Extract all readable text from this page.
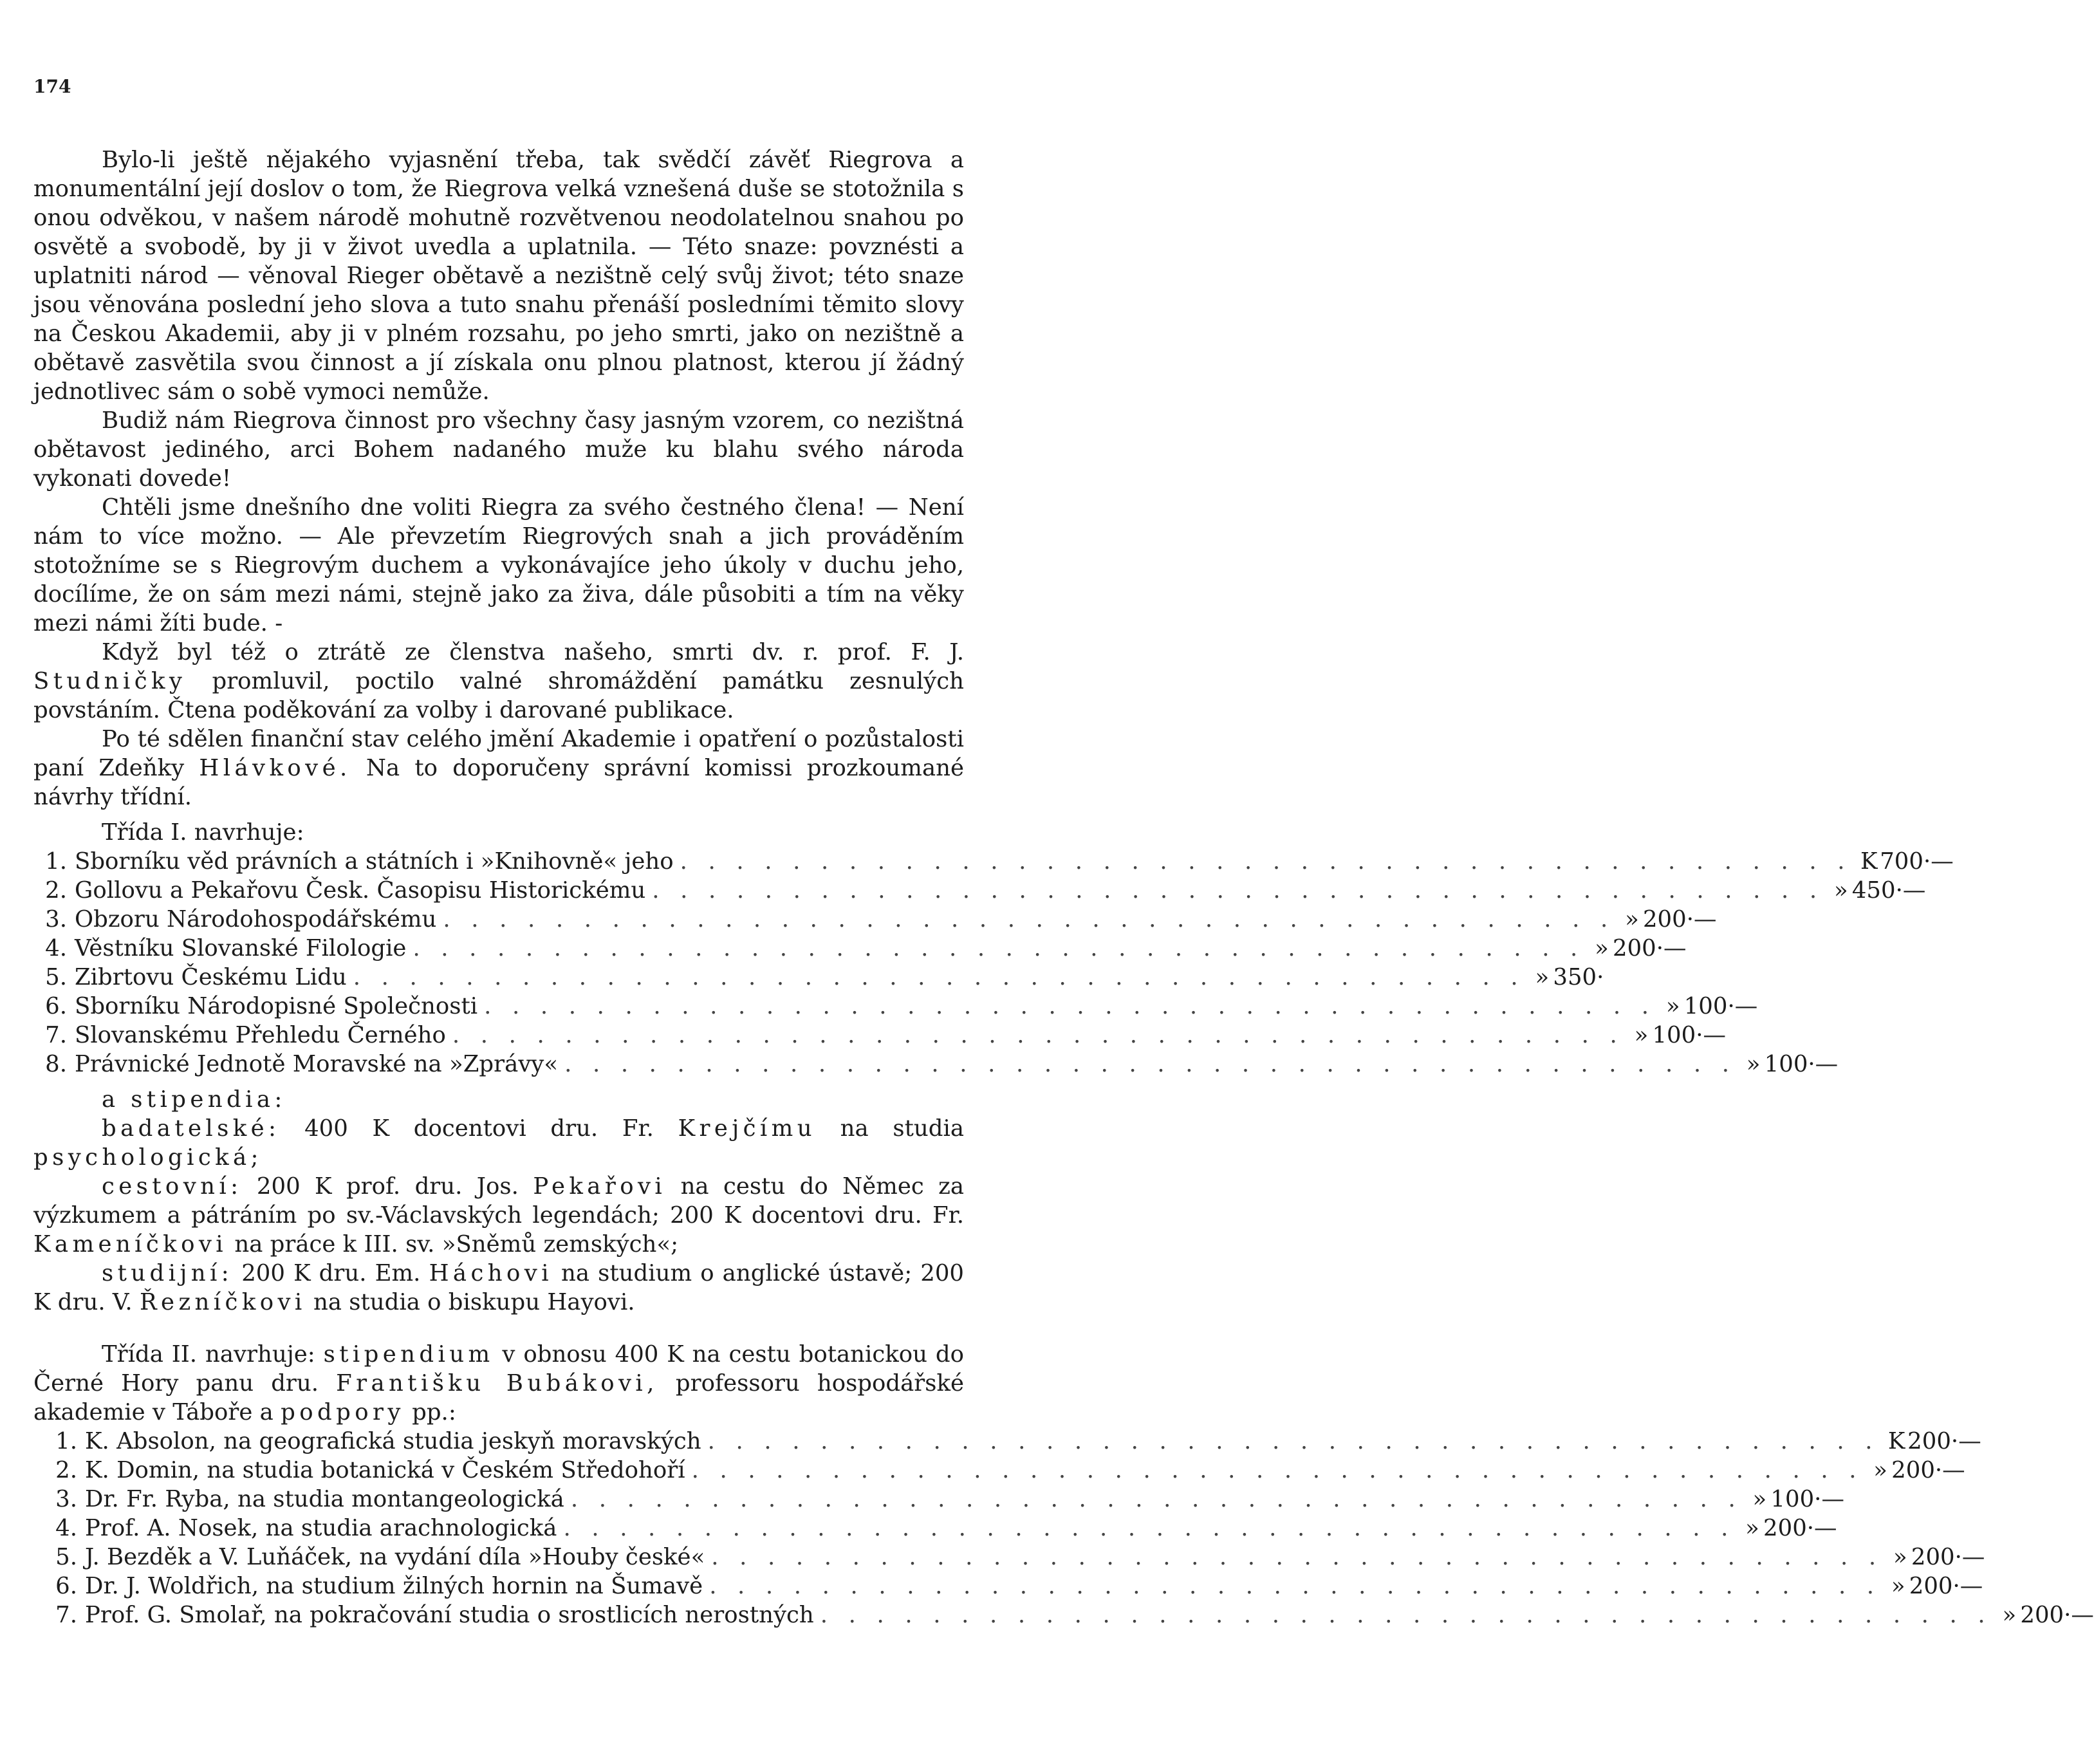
174

Bylo-li ještě nějakého vyjasnění třeba, tak svědčí závěť Riegrova a monumentální její doslov o tom, že Riegrova velká vznešená duše se stotožnila s onou odvěkou, v našem národě mohutně rozvětvenou neodolatelnou snahou po osvětě a svobodě, by ji v život uvedla a uplatnila. — Této snaze: povznésti a uplatniti národ — věnoval Rieger obětavě a nezištně celý svůj život; této snaze jsou věnována poslední jeho slova a tuto snahu přenáší posledními těmito slovy na Českou Akademii, aby ji v plném rozsahu, po jeho smrti, jako on nezištně a obětavě zasvětila svou činnost a jí získala onu plnou platnost, kterou jí žádný jednotlivec sám o sobě vymoci nemůže.

Budiž nám Riegrova činnost pro všechny časy jasným vzorem, co nezištná obětavost jediného, arci Bohem nadaného muže ku blahu svého národa vykonati dovede!

Chtěli jsme dnešního dne voliti Riegra za svého čestného člena! — Není nám to více možno. — Ale převzetím Riegrových snah a jich prováděním stotožníme se s Riegrovým duchem a vykonávajíce jeho úkoly v duchu jeho, docílíme, že on sám mezi námi, stejně jako za živa, dále působiti a tím na věky mezi námi žíti bude. -

Když byl též o ztrátě ze členstva našeho, smrti dv. r. prof. F. J. Studničky promluvil, poctilo valné shromáždění památku zesnulých povstáním. Čtena poděkování za volby i darované publikace.

Po té sdělen finanční stav celého jmění Akademie i opatření o pozůstalosti paní Zdeňky Hlávkové. Na to doporučeny správní komissi prozkoumané návrhy třídní.

Třída I. navrhuje:

1. Sborníku věd právních a státních i »Knihovně« jeho . . . . . . . . . . . . . . . . . . . . . . . . . . . . . . . . . . . . . . . . . . K 700·—
2. Gollovu a Pekařovu Česk. Časopisu Historickému . . . . . . . . . . . . . . . . . . . . . . . . . . . . . . . . . . . . . . . . . . » 450·—
3. Obzoru Národohospodářskému . . . . . . . . . . . . . . . . . . . . . . . . . . . . . . . . . . . . . . . . . . » 200·—
4. Věstníku Slovanské Filologie . . . . . . . . . . . . . . . . . . . . . . . . . . . . . . . . . . . . . . . . . . » 200·—
5. Zibrtovu Českému Lidu . . . . . . . . . . . . . . . . . . . . . . . . . . . . . . . . . . . . . . . . . . » 350·
6. Sborníku Národopisné Společnosti . . . . . . . . . . . . . . . . . . . . . . . . . . . . . . . . . . . . . . . . . . » 100·—
7. Slovanskému Přehledu Černého . . . . . . . . . . . . . . . . . . . . . . . . . . . . . . . . . . . . . . . . . . » 100·—
8. Právnické Jednotě Moravské na »Zprávy« . . . . . . . . . . . . . . . . . . . . . . . . . . . . . . . . . . . . . . . . . . » 100·—

a stipendia:

badatelské: 400 K docentovi dru. Fr. Krejčímu na studia psychologická;

cestovní: 200 K prof. dru. Jos. Pekařovi na cestu do Němec za výzkumem a pátráním po sv.-Václavských legendách; 200 K docentovi dru. Fr. Kameníčkovi na práce k III. sv. »Sněmů zemských«;

studijní: 200 K dru. Em. Háchovi na studium o anglické ústavě; 200 K dru. V. Řezníčkovi na studia o biskupu Hayovi.

Třída II. navrhuje: stipendium v obnosu 400 K na cestu botanickou do Černé Hory panu dru. Františku Bubákovi, professoru hospodářské akademie v Táboře a podpory pp.:

1. K. Absolon, na geografická studia jeskyň moravských . . . . . . . . . . . . . . . . . . . . . . . . . . . . . . . . . . . . . . . . . . K 200·—
2. K. Domin, na studia botanická v Českém Středohoří . . . . . . . . . . . . . . . . . . . . . . . . . . . . . . . . . . . . . . . . . . » 200·—
3. Dr. Fr. Ryba, na studia montangeologická . . . . . . . . . . . . . . . . . . . . . . . . . . . . . . . . . . . . . . . . . . » 100·—
4. Prof. A. Nosek, na studia arachnologická . . . . . . . . . . . . . . . . . . . . . . . . . . . . . . . . . . . . . . . . . . » 200·—
5. J. Bezděk a V. Luňáček, na vydání díla »Houby české« . . . . . . . . . . . . . . . . . . . . . . . . . . . . . . . . . . . . . . . . . . » 200·—
6. Dr. J. Woldřich, na studium žilných hornin na Šumavě . . . . . . . . . . . . . . . . . . . . . . . . . . . . . . . . . . . . . . . . . . » 200·—
7. Prof. G. Smolař, na pokračování studia o srostlicích nerostných . . . . . . . . . . . . . . . . . . . . . . . . . . . . . . . . . . . . . . . . . . » 200·—
